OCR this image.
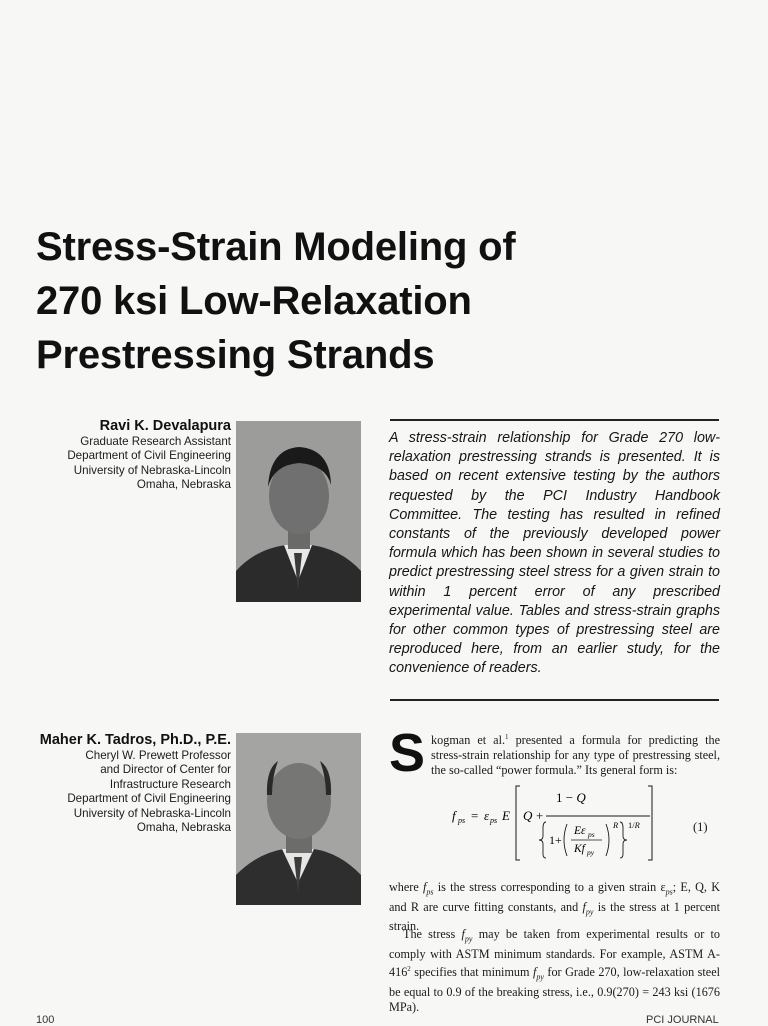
Stress-Strain Modeling of
270 ksi Low-Relaxation
Prestressing Strands
Ravi K. Devalapura
Graduate Research Assistant
Department of Civil Engineering
University of Nebraska-Lincoln
Omaha, Nebraska
A stress-strain relationship for Grade 270 low-relaxation prestressing strands is presented. It is based on recent extensive testing by the authors requested by the PCI Industry Handbook Committee. The testing has resulted in refined constants of the previously developed power formula which has been shown in several studies to predict prestressing steel stress for a given strain to within 1 percent error of any prescribed experimental value. Tables and stress-strain graphs for other common types of prestressing steel are reproduced here, from an earlier study, for the convenience of readers.
Maher K. Tadros, Ph.D., P.E.
Cheryl W. Prewett Professor
and Director of Center for
Infrastructure Research
Department of Civil Engineering
University of Nebraska-Lincoln
Omaha, Nebraska
Skogman et al.$^1$ presented a formula for predicting the stress-strain relationship for any type of prestressing steel, the so-called “power formula.” Its general form is:
f ps = ε ps E Q +
1 − Q
1+
Eε ps
Kf py
R 1/R	(1)
where $f_{ps}$ is the stress corresponding to a given strain $\varepsilon_{ps}$; E, Q, K and R are curve fitting constants, and $f_{py}$ is the stress at 1 percent strain.
The stress $f_{py}$ may be taken from experimental results or to comply with ASTM minimum standards. For example, ASTM $A-416^2$ specifies that minimum $f_{py}$ for Grade 270, low-relaxation steel be equal to 0.9 of the breaking stress, i.e., 0.9(270) = 243 ksi (1676 MPa).
100	PCI JOURNAL
